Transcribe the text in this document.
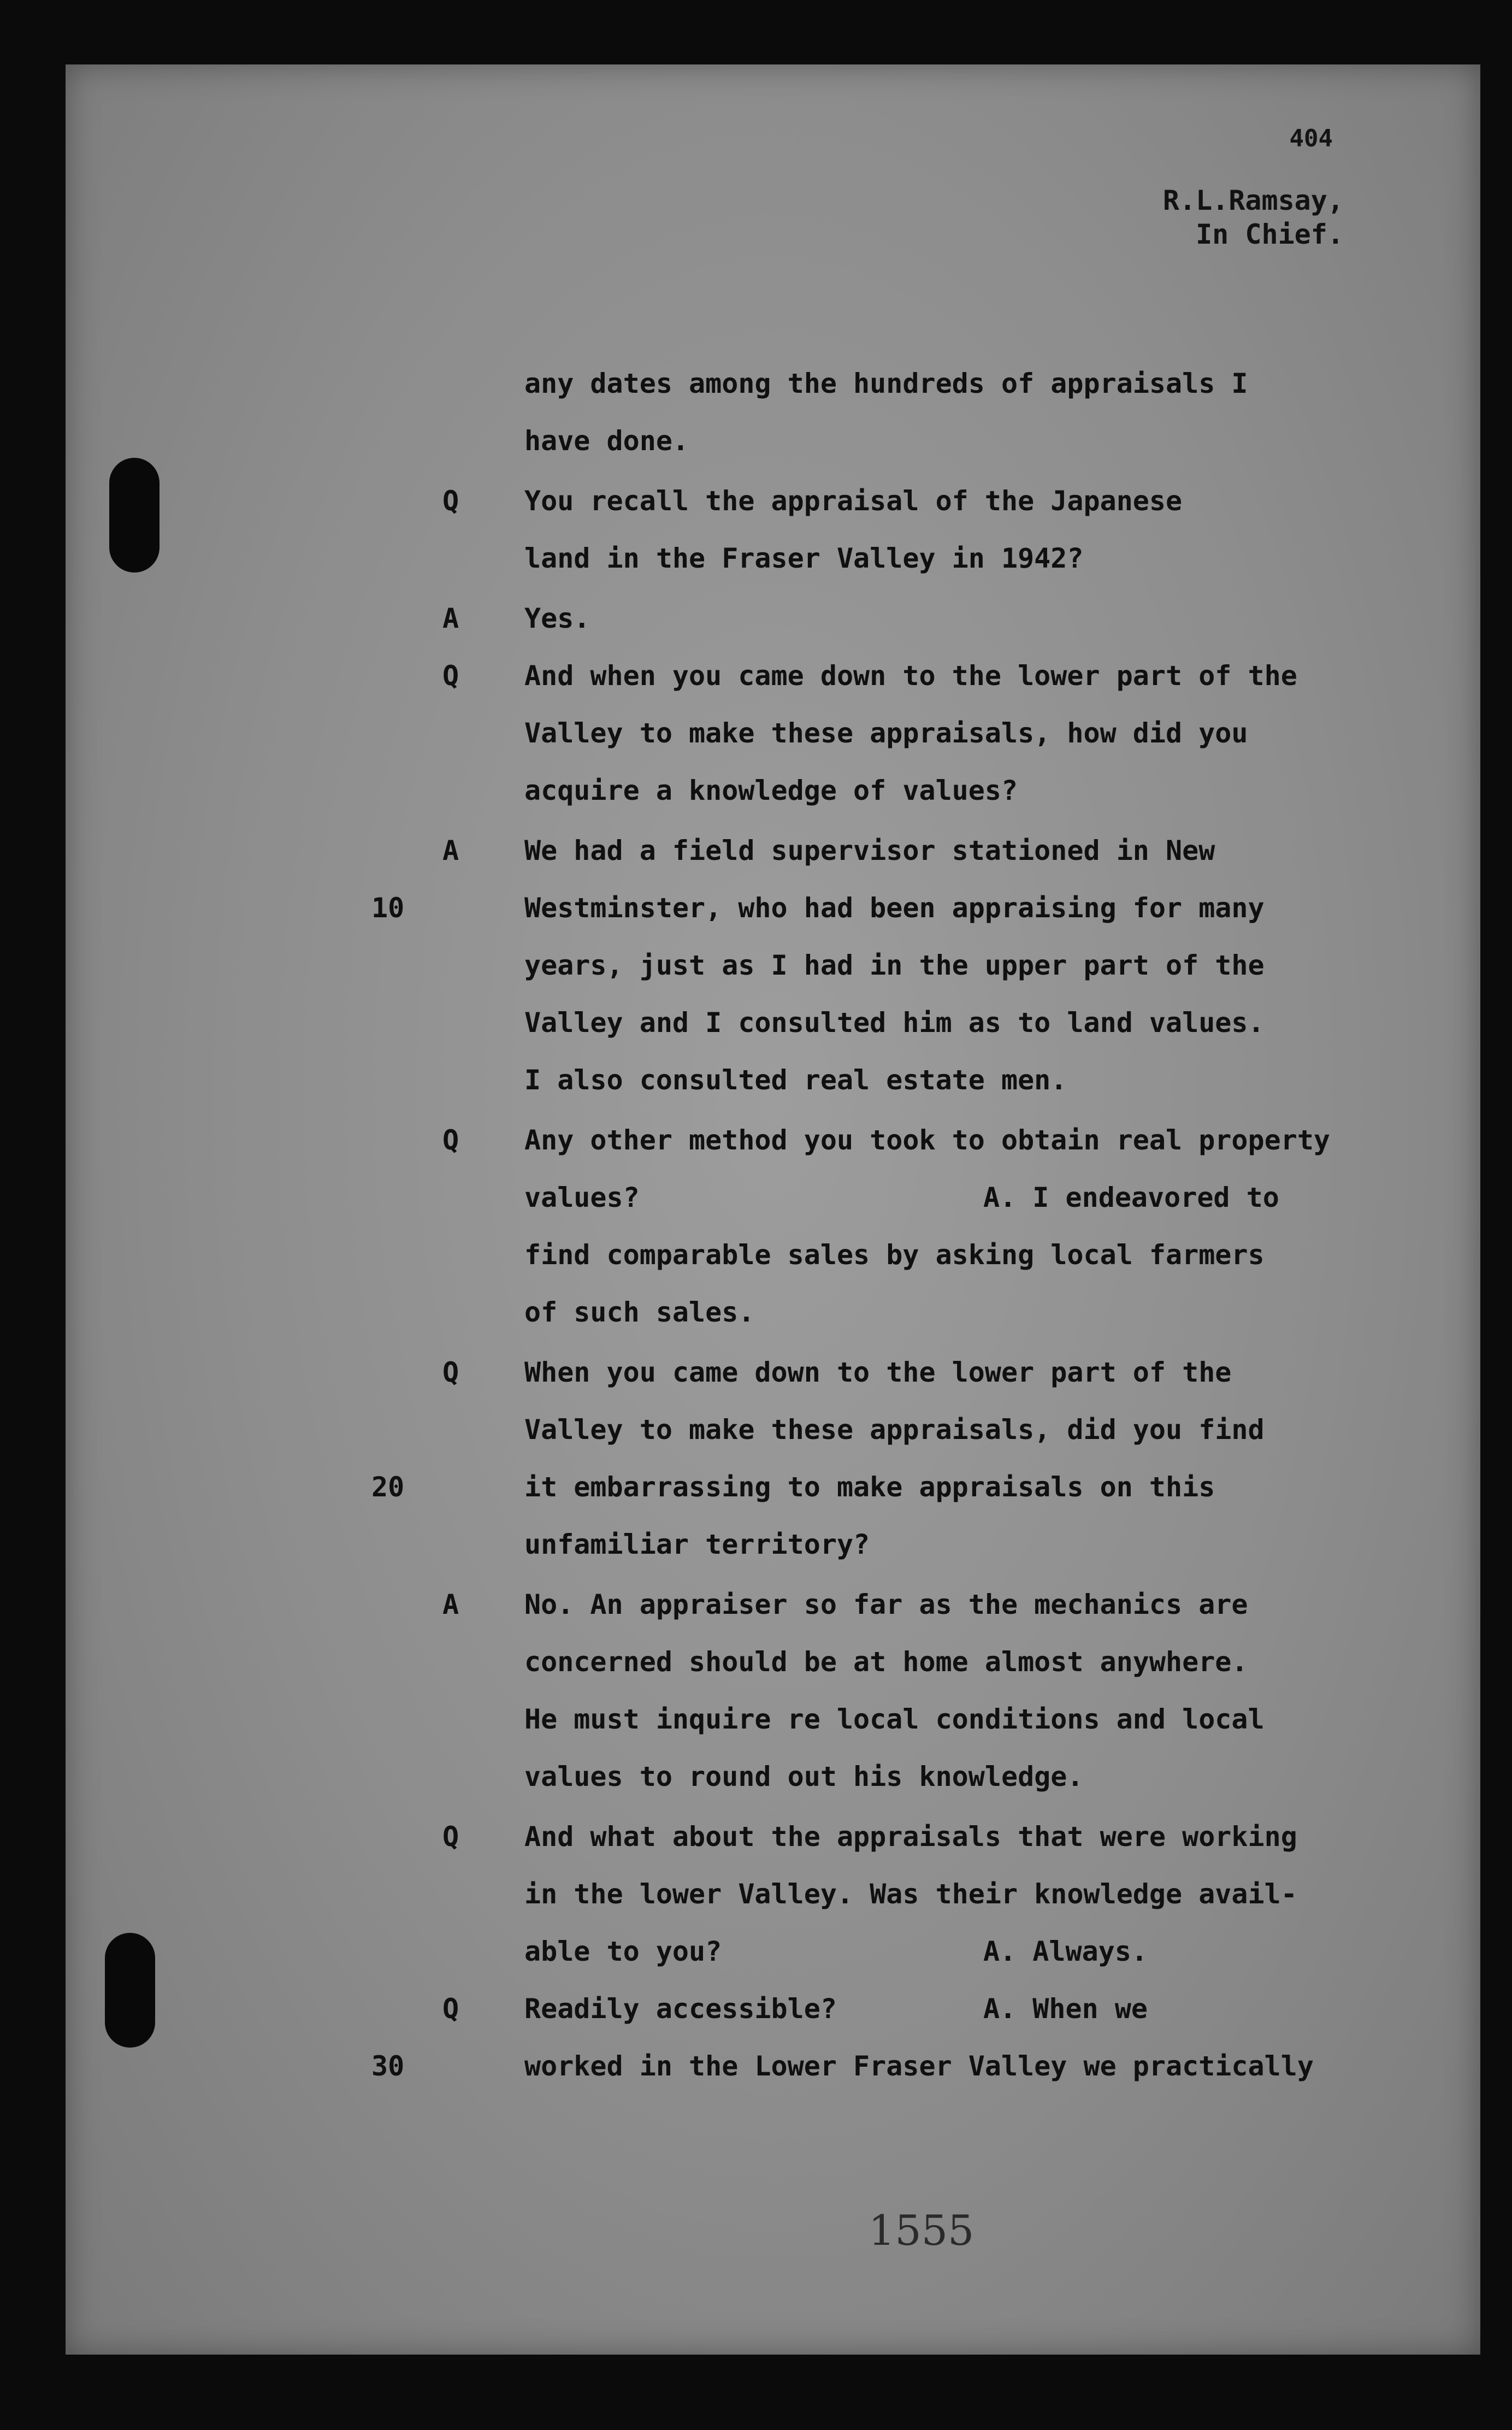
404
R.L.Ramsay,
In Chief.
any dates among the hundreds of appraisals I
have done.
Q You recall the appraisal of the Japanese
land in the Fraser Valley in 1942?
A Yes.
Q And when you came down to the lower part of the
Valley to make these appraisals, how did you
acquire a knowledge of values?
A We had a field supervisor stationed in New
10	Westminster, who had been appraising for many
years, just as I had in the upper part of the
Valley and I consulted him as to land values.
I also consulted real estate men.
Q Any other method you took to obtain real property
values?	A. I endeavored to
find comparable sales by asking local farmers
of such sales.
Q When you came down to the lower part of the
Valley to make these appraisals, did you find
20	it embarrassing to make appraisals on this
unfamiliar territory?
A No. An appraiser so far as the mechanics are
concerned should be at home almost anywhere.
He must inquire re local conditions and local
values to round out his knowledge.
Q And what about the appraisals that were working
in the lower Valley. Was their knowledge avail-
able to you?	A. Always.
Q Readily accessible?	A. When we
30	worked in the Lower Fraser Valley we practically
1555
